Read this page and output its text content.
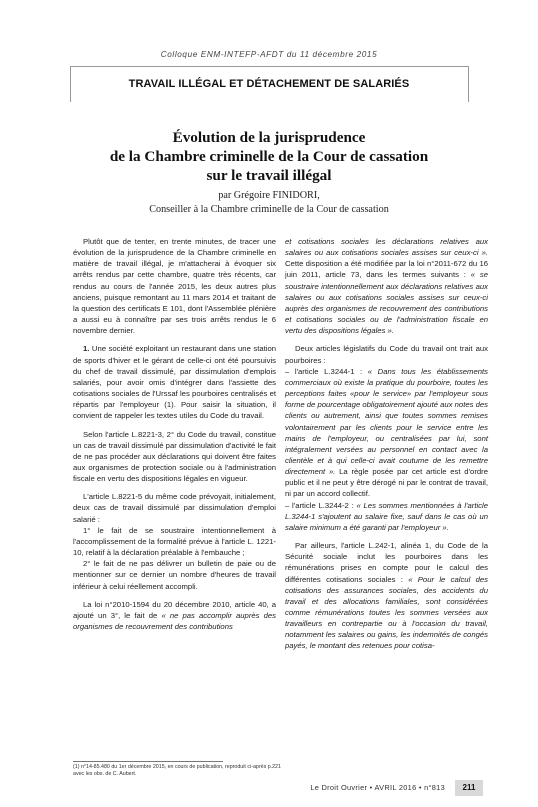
Colloque ENM-INTEFP-AFDT du 11 décembre 2015
TRAVAIL ILLÉGAL ET DÉTACHEMENT DE SALARIÉS
Évolution de la jurisprudence
de la Chambre criminelle de la Cour de cassation
sur le travail illégal
par Grégoire FINIDORI,
Conseiller à la Chambre criminelle de la Cour de cassation

Plutôt que de tenter, en trente minutes, de tracer une évolution de la jurisprudence de la Chambre criminelle en matière de travail illégal, je m'attacherai à évoquer six arrêts rendus par cette chambre, quatre très récents, car rendus au cours de l'année 2015, les deux autres plus anciens, puisque remontant au 11 mars 2014 et traitant de la question des certificats E 101, dont l'Assemblée plénière a aussi eu à connaître par ses trois arrêts rendus le 6 novembre dernier.

1. Une société exploitant un restaurant dans une station de sports d'hiver et le gérant de celle-ci ont été poursuivis du chef de travail dissimulé, par dissimulation d'emplois salariés, pour avoir omis d'intégrer dans l'assiette des cotisations sociales de l'Urssaf les pourboires centralisés et répartis par l'employeur (1). Pour saisir la situation, il convient de rappeler les textes utiles du Code du travail.

Selon l'article L.8221-3, 2° du Code du travail, constitue un cas de travail dissimulé par dissimulation d'activité le fait de ne pas procéder aux déclarations qui doivent être faites aux organismes de protection sociale ou à l'administration fiscale en vertu des dispositions légales en vigueur.

L'article L.8221-5 du même code prévoyait, initialement, deux cas de travail dissimulé par dissimulation d'emploi salarié :

1° le fait de se soustraire intentionnellement à l'accomplissement de la formalité prévue à l'article L. 1221-10, relatif à la déclaration préalable à l'embauche ;

2° le fait de ne pas délivrer un bulletin de paie ou de mentionner sur ce dernier un nombre d'heures de travail inférieur à celui réellement accompli.

La loi n°2010-1594 du 20 décembre 2010, article 40, a ajouté un 3°, le fait de « ne pas accomplir auprès des organismes de recouvrement des contributions

et cotisations sociales les déclarations relatives aux salaires ou aux cotisations sociales assises sur ceux-ci ». Cette disposition a été modifiée par la loi n°2011-672 du 16 juin 2011, article 73, dans les termes suivants : « se soustraire intentionnellement aux déclarations relatives aux salaires ou aux cotisations sociales assises sur ceux-ci auprès des organismes de recouvrement des contributions et cotisations sociales ou de l'administration fiscale en vertu des dispositions légales ».

Deux articles législatifs du Code du travail ont trait aux pourboires :

– l'article L.3244-1 : « Dans tous les établissements commerciaux où existe la pratique du pourboire, toutes les perceptions faites «pour le service» par l'employeur sous forme de pourcentage obligatoirement ajouté aux notes des clients ou autrement, ainsi que toutes sommes remises volontairement par les clients pour le service entre les mains de l'employeur, ou centralisées par lui, sont intégralement versées au personnel en contact avec la clientèle et à qui celle-ci avait coutume de les remettre directement ». La règle posée par cet article est d'ordre public et il ne peut y être dérogé ni par le contrat de travail, ni par un accord collectif.

– l'article L.3244-2 : « Les sommes mentionnées à l'article L.3244-1 s'ajoutent au salaire fixe, sauf dans le cas où un salaire minimum a été garanti par l'employeur ».

Par ailleurs, l'article L.242-1, alinéa 1, du Code de la Sécurité sociale inclut les pourboires dans les rémunérations prises en compte pour le calcul des différentes cotisations sociales : « Pour le calcul des cotisations des assurances sociales, des accidents du travail et des allocations familiales, sont considérées comme rémunérations toutes les sommes versées aux travailleurs en contrepartie ou à l'occasion du travail, notamment les salaires ou gains, les indemnités de congés payés, le montant des retenues pour cotisa-

(1) n°14-85.480 du 1er décembre 2015, en cours de publication, reproduit ci-après p.221 avec les obs. de C. Aubert.
Le Droit Ouvrier • AVRIL 2016 • n°813	211
